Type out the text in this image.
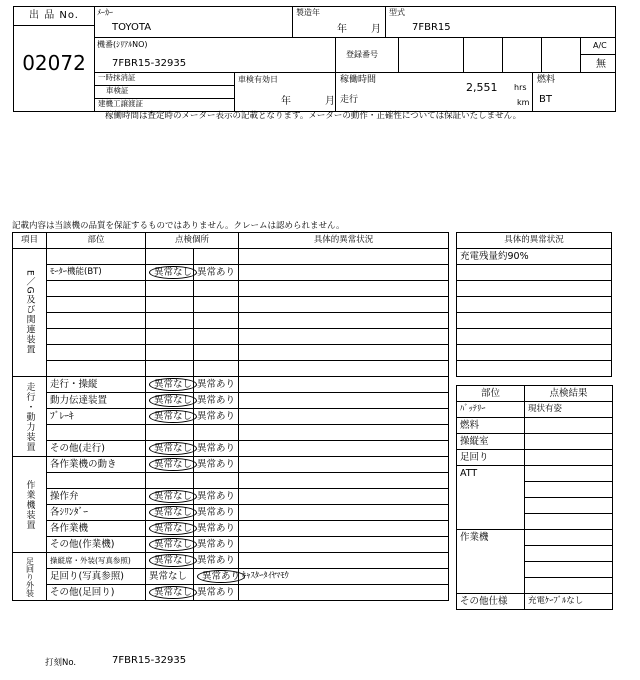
出 品 No.
02072
ﾒｰｶｰ
TOYOTA
製造年
年 月
型式
7FBR15
機番(ｼﾘｱﾙNO)
7FBR15-32935
登録番号
A/C
無
一時抹消証
車検証
建機工譲渡証
車検有効日
年	月
稼働時間
2,551 hrs
走行	km
燃料
BT
稼働時間は査定時のメーター表示の記載となります。メーターの動作・正確性については保証いたしません。
記載内容は当該機の品質を保証するものではありません。クレームは認められません。
項目	部位	点検個所		具体的異常状況

E／G及び関連装置				

	ﾓｰﾀｰ機能(BT)	異常なし	異常あり	

走行・動力装置	走行・操縦	異常なし	異常あり	
	動力伝達装置	異常なし	異常あり	
	ﾌﾞﾚｰｷ	異常なし	異常あり	

	その他(走行)	異常なし	異常あり	

作業機装置	各作業機の動き	異常なし	異常あり	

	操作弁	異常なし	異常あり	
	各ｼﾘﾝﾀﾞｰ	異常なし	異常あり	
	各作業機	異常なし	異常あり	
	その他(作業機)	異常なし	異常あり	

足回り外装	操縦席・外装(写真参照)	異常なし	異常あり	
	足回り(写真参照)	異常なし	異常あり	ｷｬｽﾀｰﾀｲﾔﾏﾓｳ
	その他(足回り)	異常なし	異常あり	
具体的異常状況
充電残量約90%

部位	点検結果
ﾊﾞｯﾃﾘｰ	現状有姿
燃料	
操縦室	
足回り	
ATT	

作業機	

その他仕様	充電ｹｰﾌﾞﾙなし
打刻No.	7FBR15-32935
